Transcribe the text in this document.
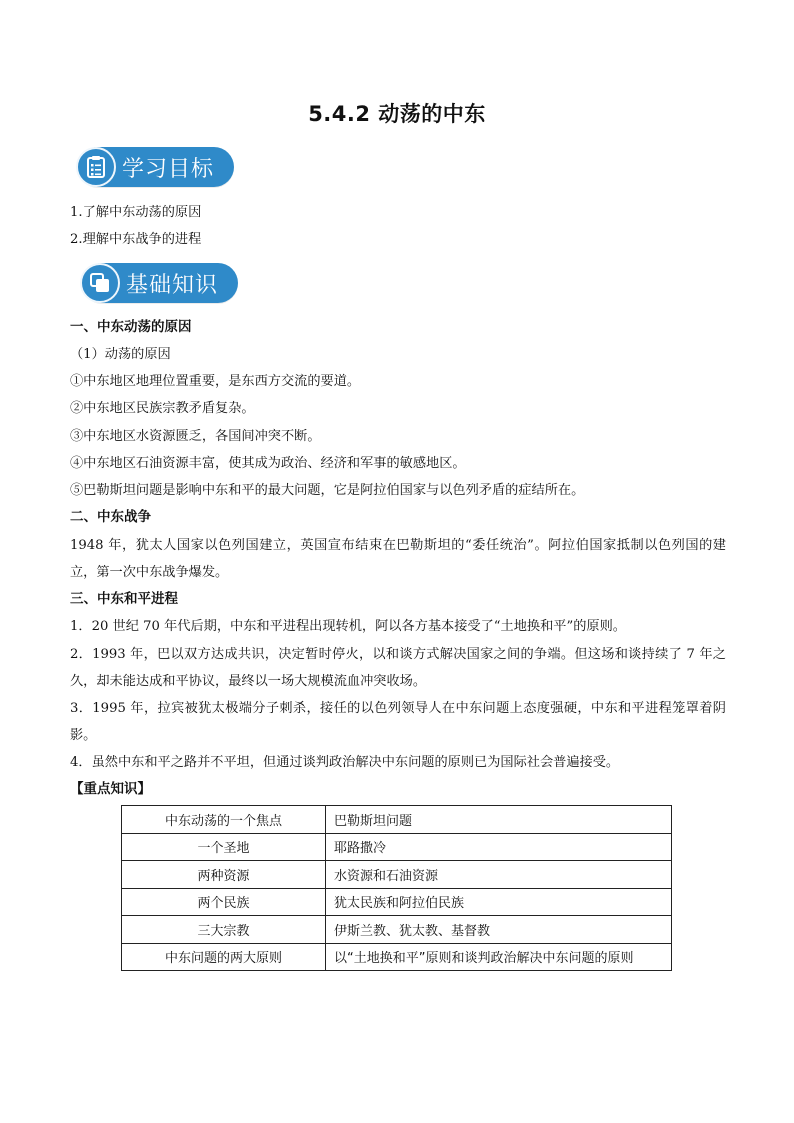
5.4.2 动荡的中东
学习目标
1.了解中东动荡的原因
2.理解中东战争的进程
基础知识
一、中东动荡的原因
（1）动荡的原因
①中东地区地理位置重要，是东西方交流的要道。
②中东地区民族宗教矛盾复杂。
③中东地区水资源匮乏，各国间冲突不断。
④中东地区石油资源丰富，使其成为政治、经济和军事的敏感地区。
⑤巴勒斯坦问题是影响中东和平的最大问题，它是阿拉伯国家与以色列矛盾的症结所在。
二、中东战争
1948 年，犹太人国家以色列国建立，英国宣布结束在巴勒斯坦的“委任统治”。阿拉伯国家抵制以色列国的建立，第一次中东战争爆发。
三、中东和平进程
1．20 世纪 70 年代后期，中东和平进程出现转机，阿以各方基本接受了“土地换和平”的原则。
2．1993 年，巴以双方达成共识，决定暂时停火，以和谈方式解决国家之间的争端。但这场和谈持续了 7 年之久，却未能达成和平协议，最终以一场大规模流血冲突收场。
3．1995 年，拉宾被犹太极端分子刺杀，接任的以色列领导人在中东问题上态度强硬，中东和平进程笼罩着阴影。
4．虽然中东和平之路并不平坦，但通过谈判政治解决中东问题的原则已为国际社会普遍接受。
【重点知识】
中东动荡的一个焦点	巴勒斯坦问题
一个圣地	耶路撒冷
两种资源	水资源和石油资源
两个民族	犹太民族和阿拉伯民族
三大宗教	伊斯兰教、犹太教、基督教
中东问题的两大原则	以“土地换和平”原则和谈判政治解决中东问题的原则
